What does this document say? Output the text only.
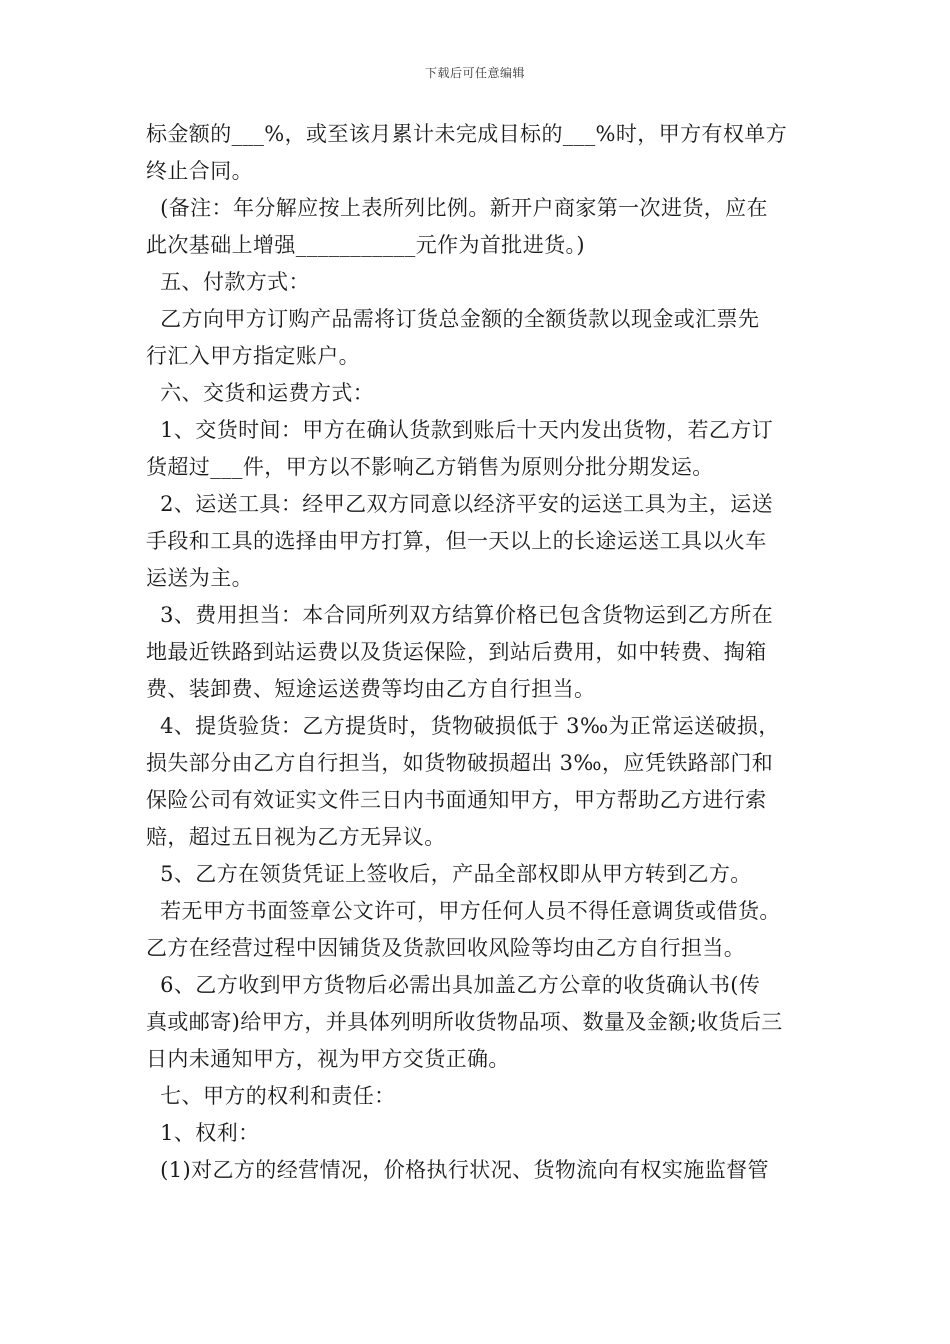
下载后可任意编辑
标金额的___%，或至该月累计未完成目标的___%时，甲方有权单方
终止合同。
(备注：年分解应按上表所列比例。新开户商家第一次进货，应在
此次基础上增强___________元作为首批进货。)
五、付款方式：
乙方向甲方订购产品需将订货总金额的全额货款以现金或汇票先
行汇入甲方指定账户。
六、交货和运费方式：
1、交货时间：甲方在确认货款到账后十天内发出货物，若乙方订
货超过___件，甲方以不影响乙方销售为原则分批分期发运。
2、运送工具：经甲乙双方同意以经济平安的运送工具为主，运送
手段和工具的选择由甲方打算，但一天以上的长途运送工具以火车
运送为主。
3、费用担当：本合同所列双方结算价格已包含货物运到乙方所在
地最近铁路到站运费以及货运保险，到站后费用，如中转费、掏箱
费、装卸费、短途运送费等均由乙方自行担当。
4、提货验货：乙方提货时，货物破损低于 3‰为正常运送破损，
损失部分由乙方自行担当，如货物破损超出 3‰，应凭铁路部门和
保险公司有效证实文件三日内书面通知甲方，甲方帮助乙方进行索
赔，超过五日视为乙方无异议。
5、乙方在领货凭证上签收后，产品全部权即从甲方转到乙方。
若无甲方书面签章公文许可，甲方任何人员不得任意调货或借货。
乙方在经营过程中因铺货及货款回收风险等均由乙方自行担当。
6、乙方收到甲方货物后必需出具加盖乙方公章的收货确认书(传
真或邮寄)给甲方，并具体列明所收货物品项、数量及金额;收货后三
日内未通知甲方，视为甲方交货正确。
七、甲方的权利和责任：
1、权利：
(1)对乙方的经营情况，价格执行状况、货物流向有权实施监督管
